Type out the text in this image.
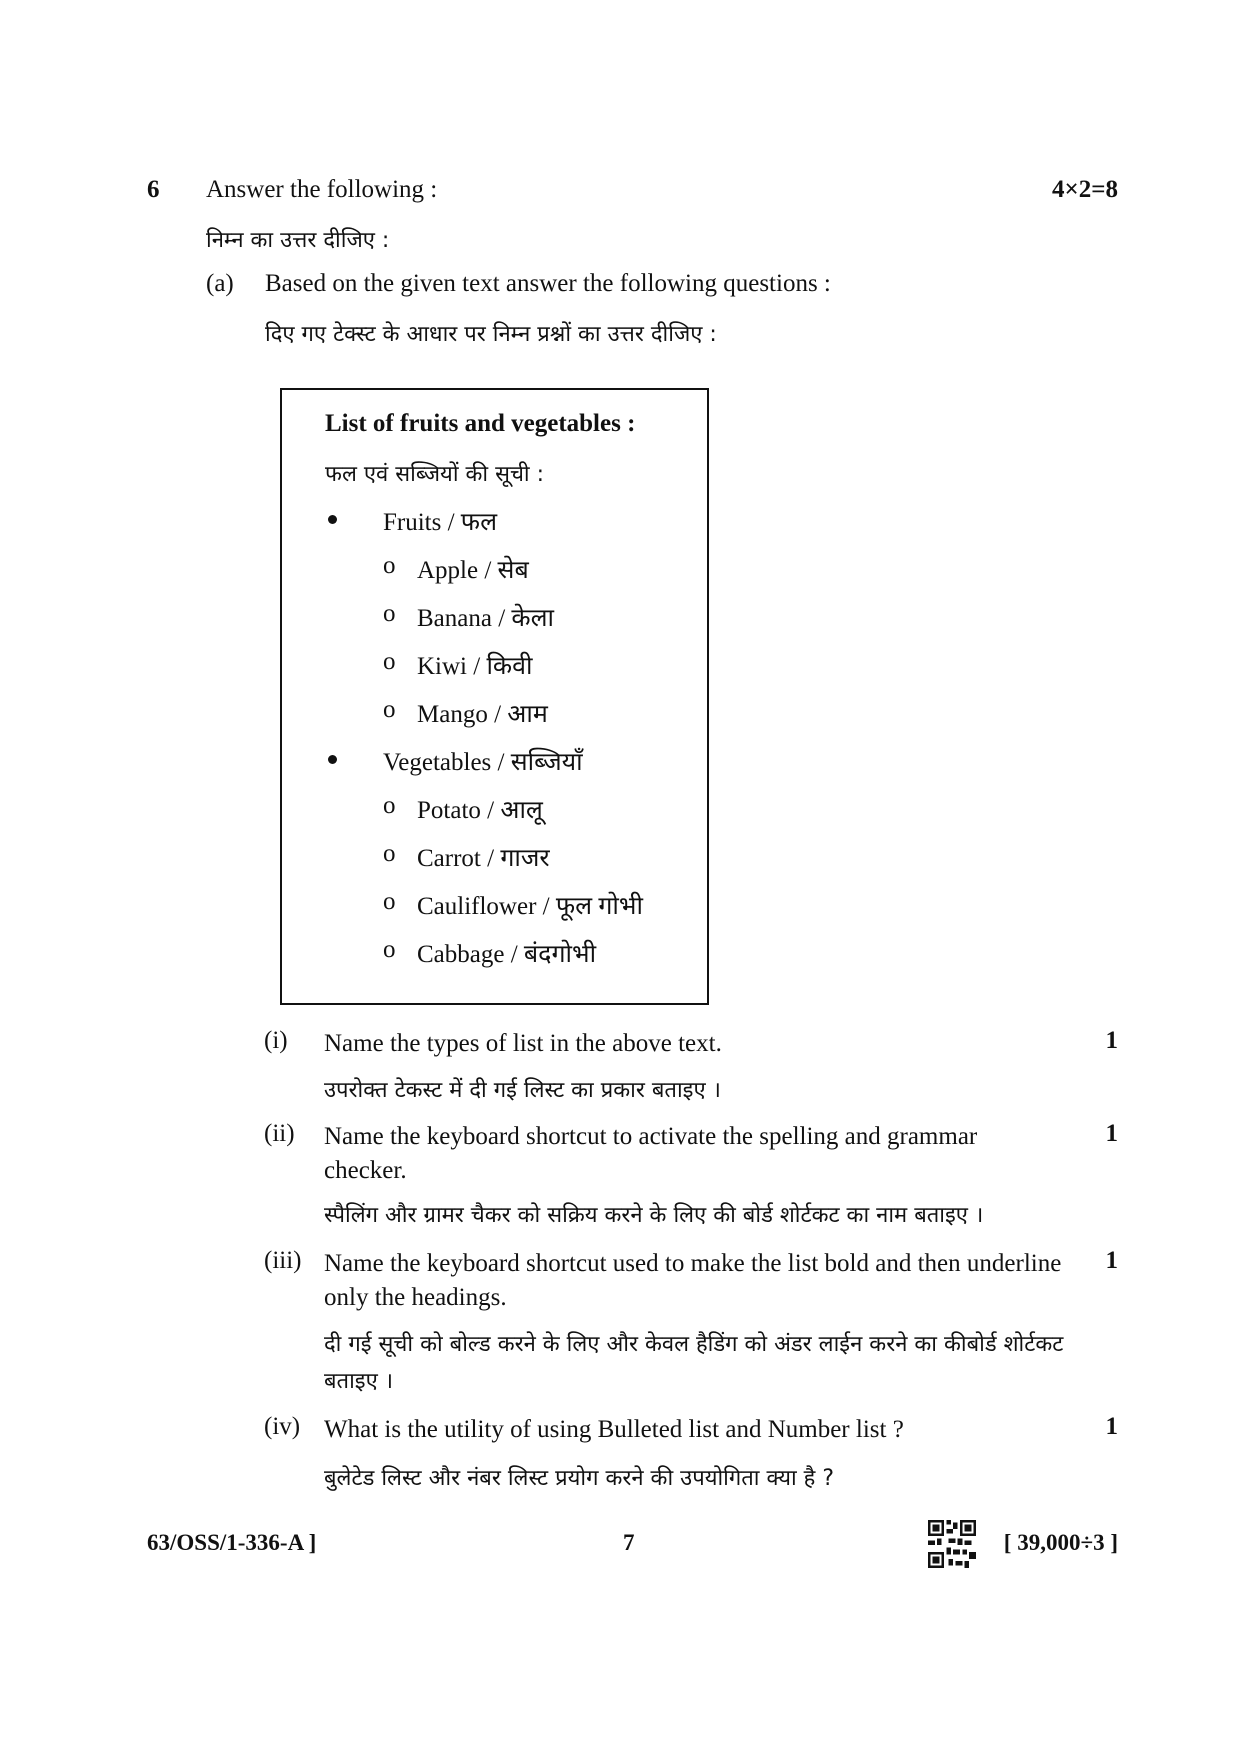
6 Answer the following :	4×2=8
निम्न का उत्तर दीजिए :
(a) Based on the given text answer the following questions :
दिए गए टेक्स्ट के आधार पर निम्न प्रश्नों का उत्तर दीजिए :
List of fruits and vegetables :
फल एवं सब्जियों की सूची :
Fruits / फल
o Apple / सेब
o Banana / केला
o Kiwi / किवी
o Mango / आम
Vegetables / सब्जियाँ
o Potato / आलू
o Carrot / गाजर
o Cauliflower / फूल गोभी
o Cabbage / बंदगोभी
(i) Name the types of list in the above text.	1
उपरोक्त टेकस्ट में दी गई लिस्ट का प्रकार बताइए ।
(ii) Name the keyboard shortcut to activate the spelling and grammar checker.
1
स्पैलिंग और ग्रामर चैकर को सक्रिय करने के लिए की बोर्ड शोर्टकट का नाम बताइए ।
(iii) Name the keyboard shortcut used to make the list bold and then underline only the headings.
1
दी गई सूची को बोल्ड करने के लिए और केवल हैडिंग को अंडर लाईन करने का कीबोर्ड शोर्टकट बताइए ।
(iv) What is the utility of using Bulleted list and Number list ?	1
बुलेटेड लिस्ट और नंबर लिस्ट प्रयोग करने की उपयोगिता क्या है ?
63/OSS/1-336-A ]	7	[ 39,000÷3 ]
